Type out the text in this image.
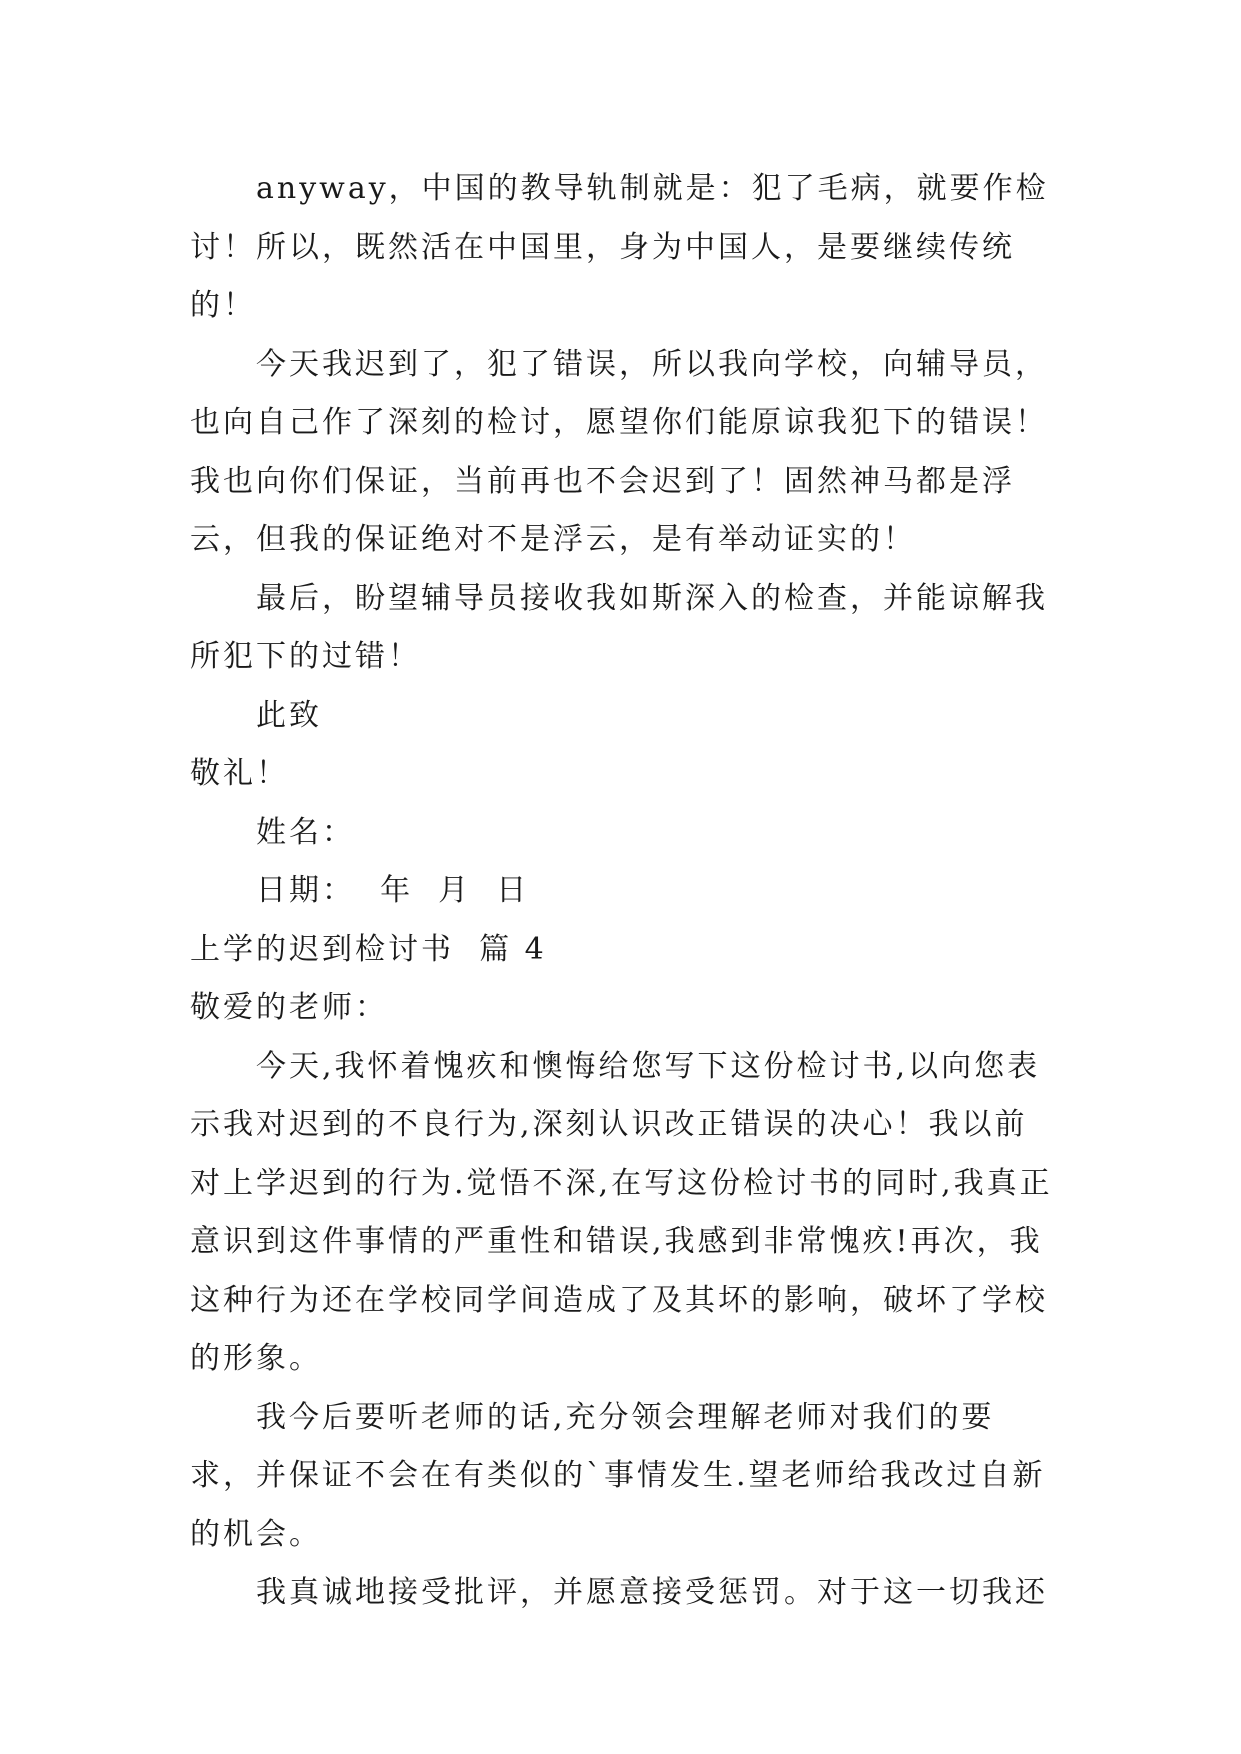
anyway，中国的教导轨制就是：犯了毛病，就要作检讨！所以，既然活在中国里，身为中国人，是要继续传统的！

今天我迟到了，犯了错误，所以我向学校，向辅导员，也向自己作了深刻的检讨，愿望你们能原谅我犯下的错误！我也向你们保证，当前再也不会迟到了！固然神马都是浮云，但我的保证绝对不是浮云，是有举动证实的！

最后，盼望辅导员接收我如斯深入的检查，并能谅解我所犯下的过错！

此致

敬礼！

姓名：

日期：  年  月  日

上学的迟到检讨书  篇 4

敬爱的老师：

今天,我怀着愧疚和懊悔给您写下这份检讨书,以向您表示我对迟到的不良行为,深刻认识改正错误的决心！我以前对上学迟到的行为.觉悟不深,在写这份检讨书的同时,我真正意识到这件事情的严重性和错误,我感到非常愧疚!再次，我这种行为还在学校同学间造成了及其坏的影响，破坏了学校的形象。

我今后要听老师的话,充分领会理解老师对我们的要求，并保证不会在有类似的`事情发生.望老师给我改过自新的机会。

我真诚地接受批评，并愿意接受惩罚。对于这一切我还
